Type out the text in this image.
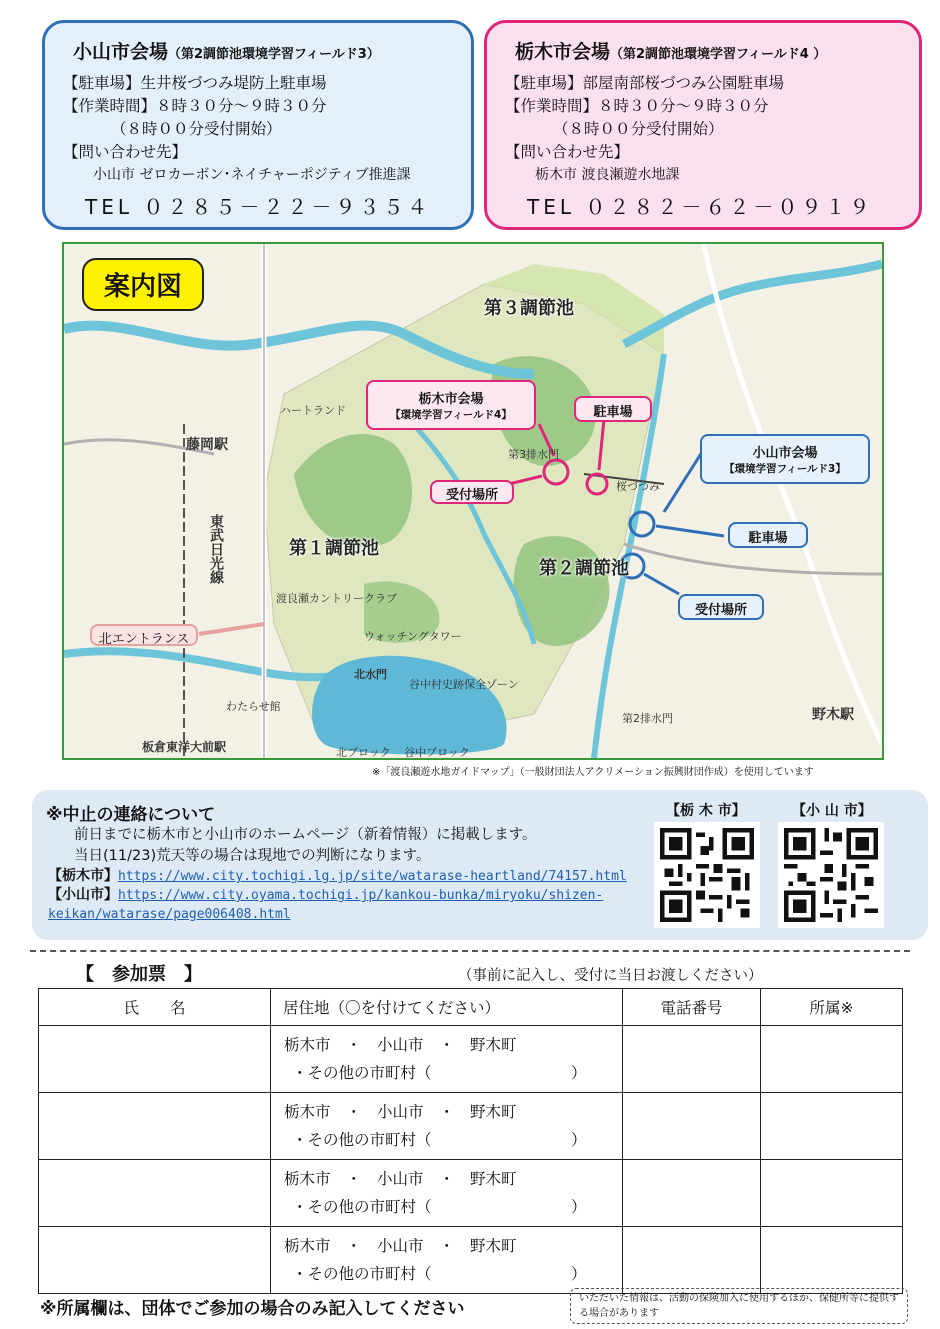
小山市会場（第2調節池環境学習フィールド3）
【駐車場】生井桜づつみ堤防上駐車場
【作業時間】８時３０分～９時３０分
（８時００分受付開始）
【問い合わせ先】
小山市 ゼロカーボン･ネイチャーポジティブ推進課
TEL ０２８５－２２－９３５４
栃木市会場（第2調節池環境学習フィールド4 ）
【駐車場】部屋南部桜づつみ公園駐車場
【作業時間】８時３０分～９時３０分
（８時００分受付開始）
【問い合わせ先】
栃木市 渡良瀬遊水地課
TEL ０２８２－６２－０９１９
案内図
第３調節池
第１調節池
第２調節池
藤岡駅
東武日光線
野木駅
板倉東洋大前駅
ハートランド
ウォッチングタワー
北水門
谷中村史跡保全ゾーン
桜づつみ
第3排水門
第2排水門
渡良瀬カントリークラブ
北ブロック 谷中ブロック
わたらせ館
栃木市会場
【環境学習フィールド4】	駐車場
受付場所
小山市会場
【環境学習フィールド3】
駐車場
受付場所
北エントランス
※「渡良瀬遊水地ガイドマップ」（一般財団法人アクリメーション振興財団作成）を使用しています
※中止の連絡について
前日までに栃木市と小山市のホームページ（新着情報）に掲載します。
当日(11/23)荒天等の場合は現地での判断になります。
【栃木市】https://www.city.tochigi.lg.jp/site/watarase-heartland/74157.html
【小山市】https://www.city.oyama.tochigi.jp/kankou-bunka/miryoku/shizen-
keikan/watarase/page006408.html
【栃 木 市】	【小 山 市】
【　参加票　】	（事前に記入し、受付に当日お渡しください）
氏　　名	居住地（〇を付けてください）	電話番号	所属※

	栃木市　・　小山市　・　野木町
・その他の市町村（　　　　　　　　　）		

	栃木市　・　小山市　・　野木町
・その他の市町村（　　　　　　　　　）		

	栃木市　・　小山市　・　野木町
・その他の市町村（　　　　　　　　　）		

	栃木市　・　小山市　・　野木町
・その他の市町村（　　　　　　　　　）		

※所属欄は、団体でご参加の場合のみ記入してください
いただいた情報は、活動の保険加入に使用するほか、保健所等に提供する場合があります
